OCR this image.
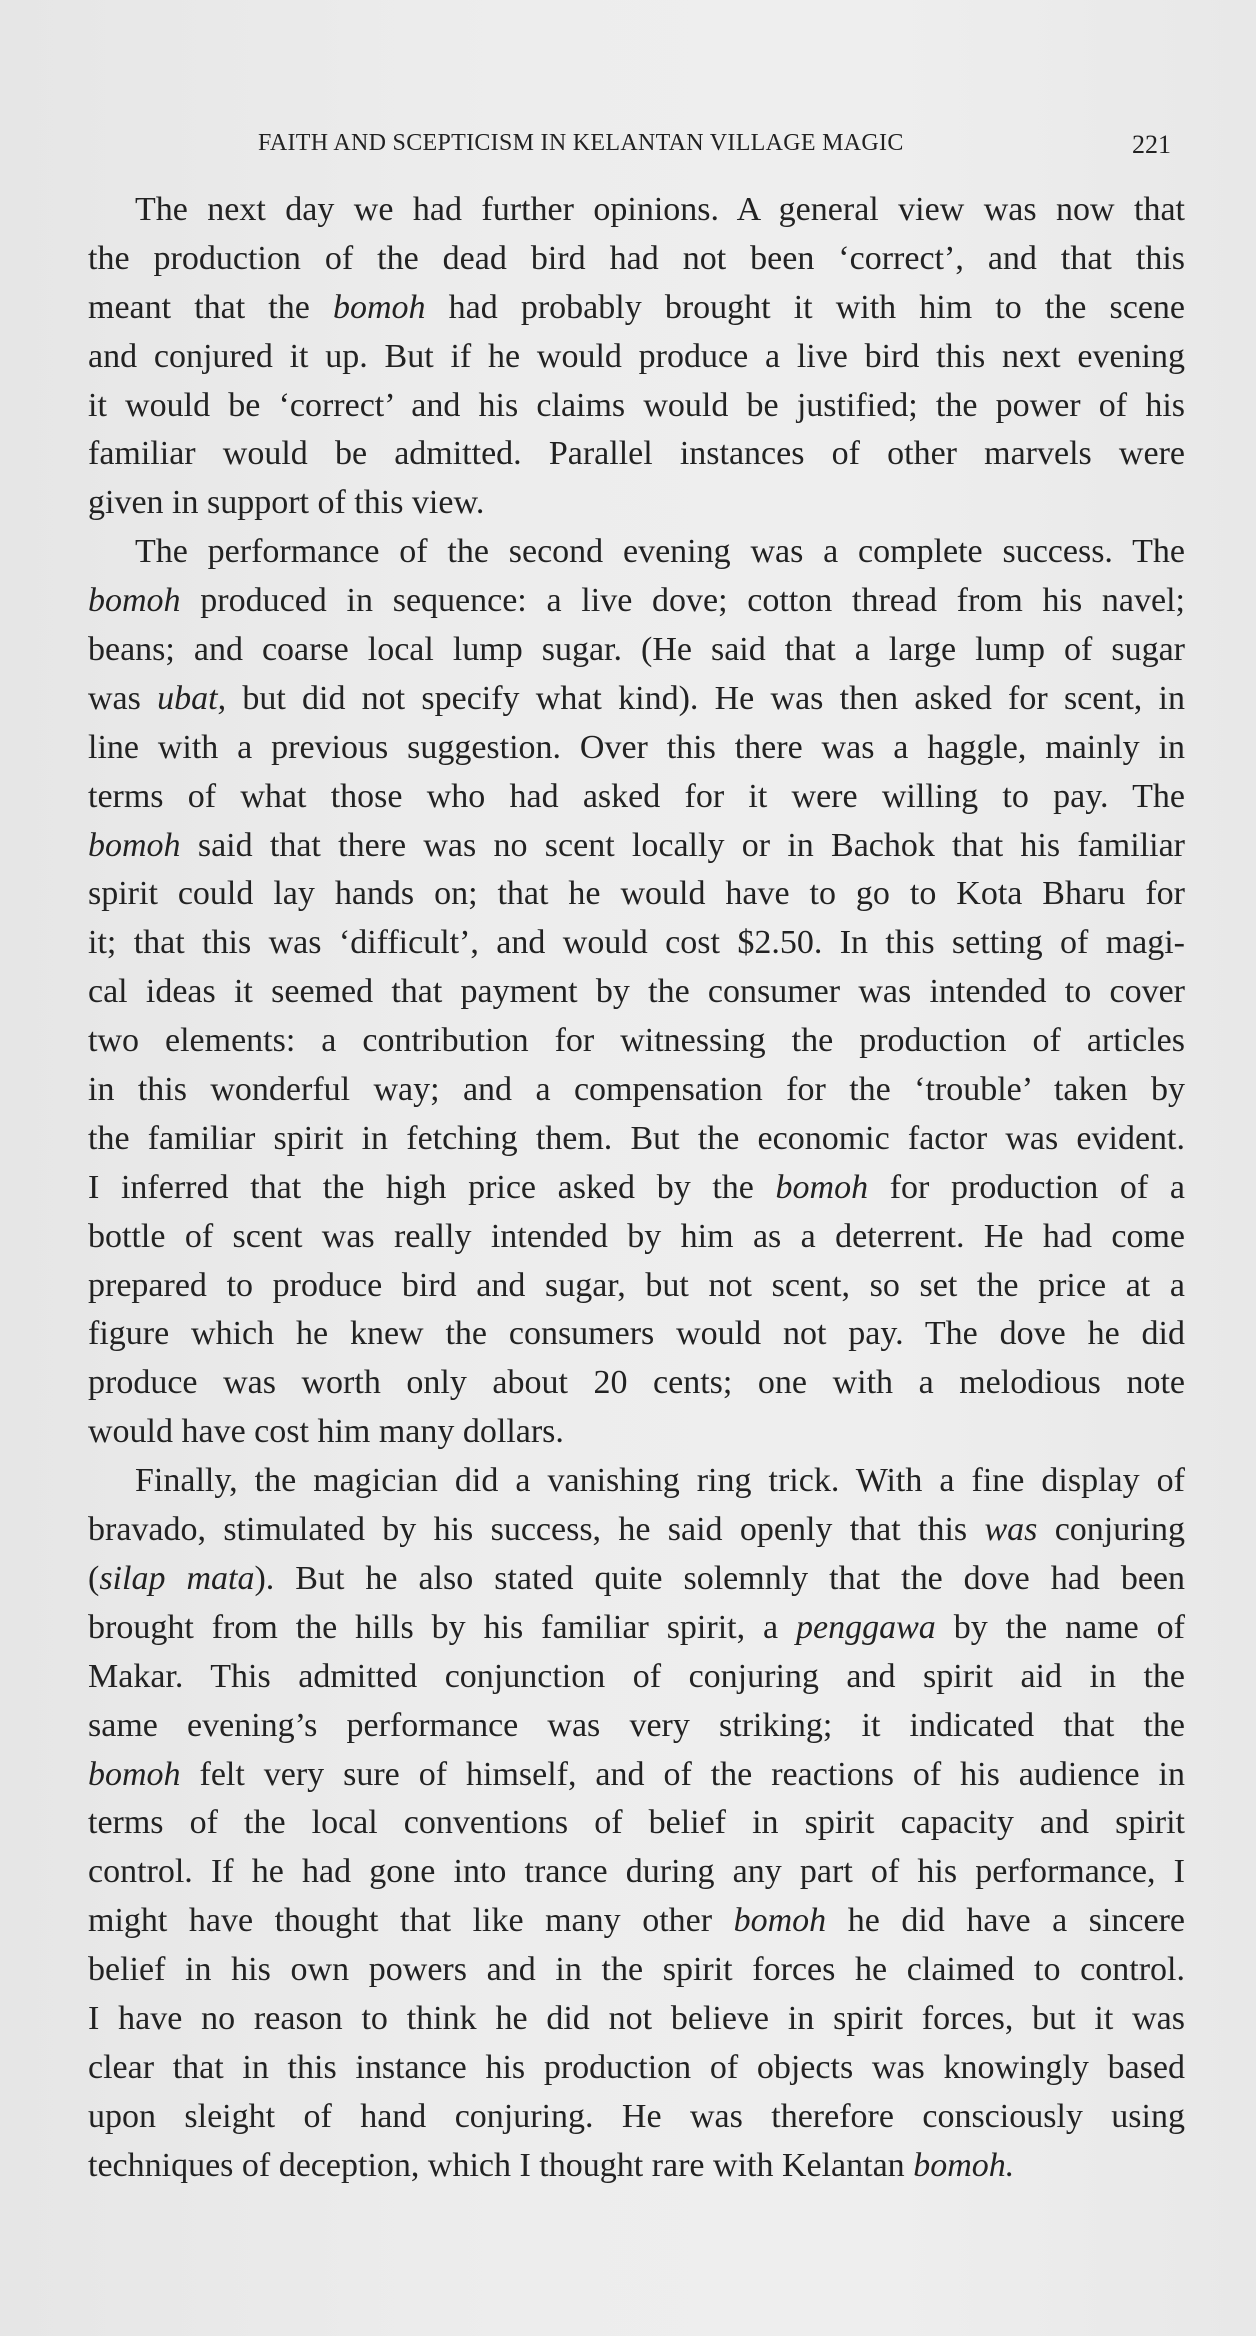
FAITH AND SCEPTICISM IN KELANTAN VILLAGE MAGIC	221
The next day we had further opinions. A general view was now that
the production of the dead bird had not been ‘correct’, and that this
meant that the bomoh had probably brought it with him to the scene
and conjured it up. But if he would produce a live bird this next evening
it would be ‘correct’ and his claims would be justified; the power of his
familiar would be admitted. Parallel instances of other marvels were
given in support of this view.
The performance of the second evening was a complete success. The
bomoh produced in sequence: a live dove; cotton thread from his navel;
beans; and coarse local lump sugar. (He said that a large lump of sugar
was ubat, but did not specify what kind). He was then asked for scent, in
line with a previous suggestion. Over this there was a haggle, mainly in
terms of what those who had asked for it were willing to pay. The
bomoh said that there was no scent locally or in Bachok that his familiar
spirit could lay hands on; that he would have to go to Kota Bharu for
it; that this was ‘difficult’, and would cost $2.50. In this setting of magi-
cal ideas it seemed that payment by the consumer was intended to cover
two elements: a contribution for witnessing the production of articles
in this wonderful way; and a compensation for the ‘trouble’ taken by
the familiar spirit in fetching them. But the economic factor was evident.
I inferred that the high price asked by the bomoh for production of a
bottle of scent was really intended by him as a deterrent. He had come
prepared to produce bird and sugar, but not scent, so set the price at a
figure which he knew the consumers would not pay. The dove he did
produce was worth only about 20 cents; one with a melodious note
would have cost him many dollars.
Finally, the magician did a vanishing ring trick. With a fine display of
bravado, stimulated by his success, he said openly that this was conjuring
(silap mata). But he also stated quite solemnly that the dove had been
brought from the hills by his familiar spirit, a penggawa by the name of
Makar. This admitted conjunction of conjuring and spirit aid in the
same evening’s performance was very striking; it indicated that the
bomoh felt very sure of himself, and of the reactions of his audience in
terms of the local conventions of belief in spirit capacity and spirit
control. If he had gone into trance during any part of his performance, I
might have thought that like many other bomoh he did have a sincere
belief in his own powers and in the spirit forces he claimed to control.
I have no reason to think he did not believe in spirit forces, but it was
clear that in this instance his production of objects was knowingly based
upon sleight of hand conjuring. He was therefore consciously using
techniques of deception, which I thought rare with Kelantan bomoh.
